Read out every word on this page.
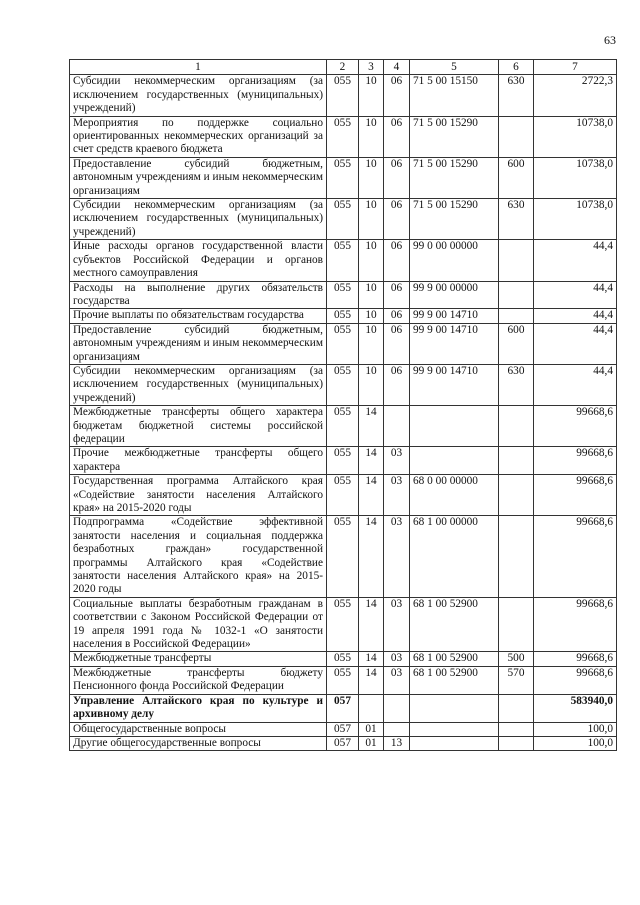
63
1	2	3	4	5	6	7
Субсидии некоммерческим организациям (за исключением государственных (муниципальных) учреждений)	055	10	06	71 5 00 15150	630	2722,3
Мероприятия по поддержке социально ориентированных некоммерческих организаций за счет средств краевого бюджета	055	10	06	71 5 00 15290		10738,0
Предоставление субсидий бюджетным, автономным учреждениям и иным некоммерческим организациям	055	10	06	71 5 00 15290	600	10738,0
Субсидии некоммерческим организациям (за исключением государственных (муниципальных) учреждений)	055	10	06	71 5 00 15290	630	10738,0
Иные расходы органов государственной власти субъектов Российской Федерации и органов местного самоуправления	055	10	06	99 0 00 00000		44,4
Расходы на выполнение других обязательств государства	055	10	06	99 9 00 00000		44,4
Прочие выплаты по обязательствам государства	055	10	06	99 9 00 14710		44,4
Предоставление субсидий бюджетным, автономным учреждениям и иным некоммерческим организациям	055	10	06	99 9 00 14710	600	44,4
Субсидии некоммерческим организациям (за исключением государственных (муниципальных) учреждений)	055	10	06	99 9 00 14710	630	44,4
Межбюджетные трансферты общего характера бюджетам бюджетной системы российской федерации	055	14				99668,6
Прочие межбюджетные трансферты общего характера	055	14	03			99668,6
Государственная программа Алтайского края «Содействие занятости населения Алтайского края» на 2015-2020 годы	055	14	03	68 0 00 00000		99668,6
Подпрограмма «Содействие эффективной занятости населения и социальная поддержка безработных граждан» государственной программы Алтайского края «Содействие занятости населения Алтайского края» на 2015-2020 годы	055	14	03	68 1 00 00000		99668,6
Социальные выплаты безработным гражданам в соответствии с Законом Российской Федерации от 19 апреля 1991 года № 1032-1 «О занятости населения в Российской Федерации»	055	14	03	68 1 00 52900		99668,6
Межбюджетные трансферты	055	14	03	68 1 00 52900	500	99668,6
Межбюджетные трансферты бюджету Пенсионного фонда Российской Федерации	055	14	03	68 1 00 52900	570	99668,6
Управление Алтайского края по культуре и архивному делу	057					583940,0
Общегосударственные вопросы	057	01				100,0
Другие общегосударственные вопросы	057	01	13			100,0
